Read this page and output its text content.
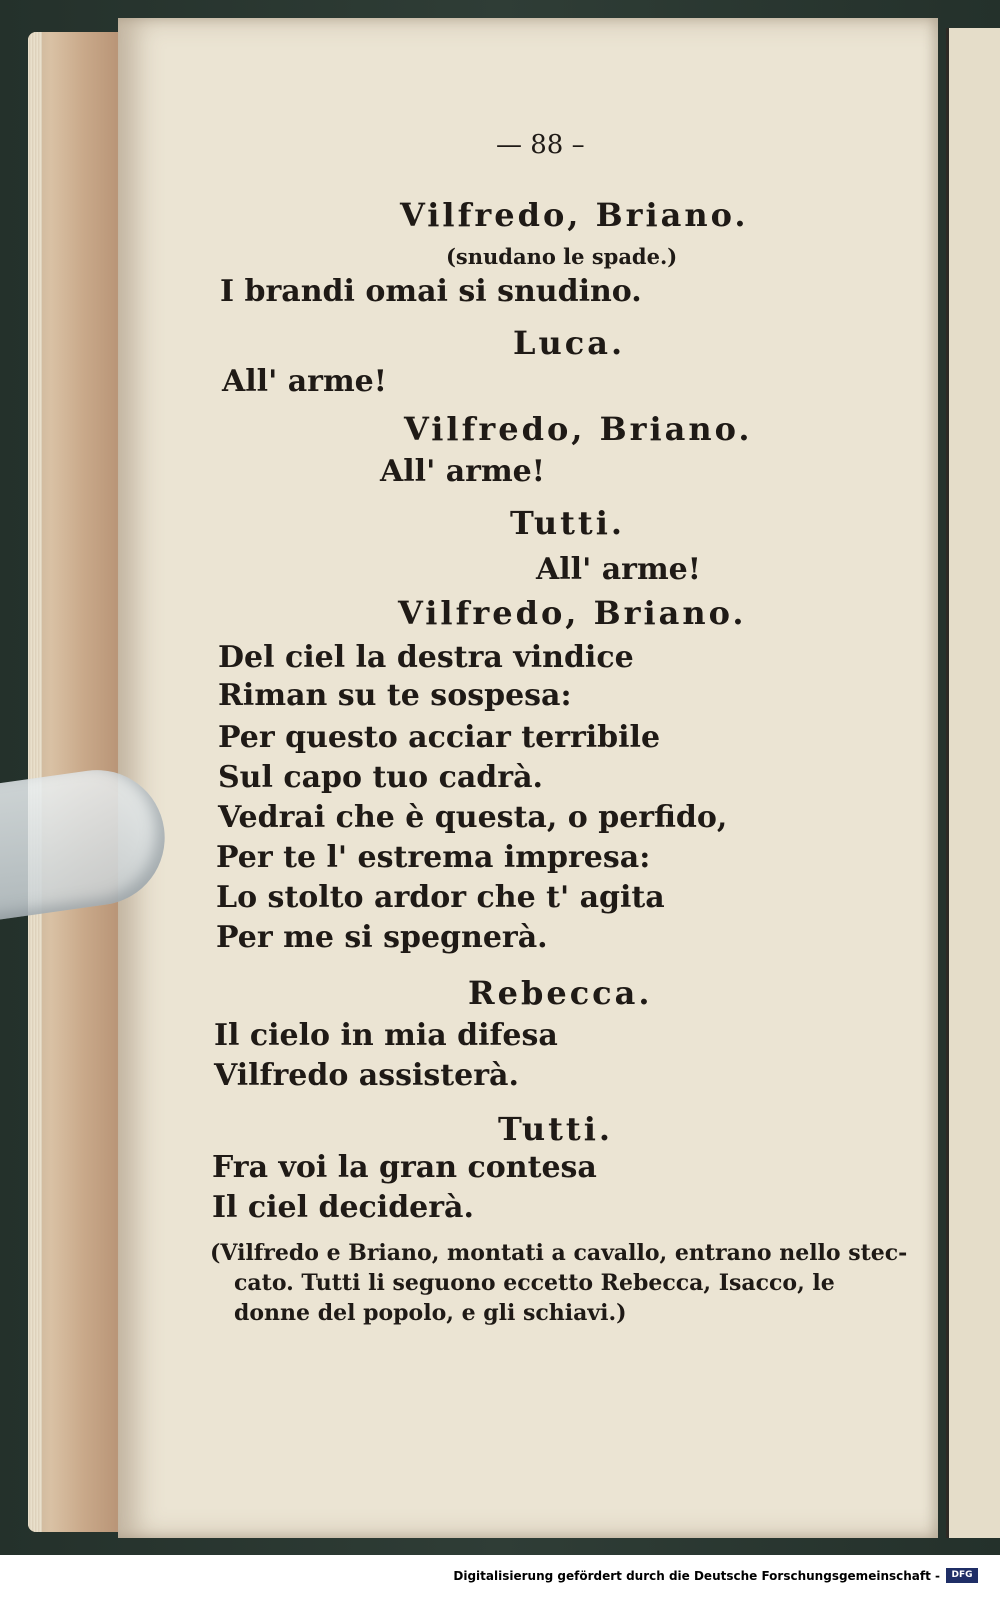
— 88 –
Vilfredo, Briano.
(snudano le spade.)
I brandi omai si snudino.
Luca.
All' arme!
Vilfredo, Briano.
All' arme!
Tutti.
All' arme!
Vilfredo, Briano.
Del ciel la destra vindice
Riman su te sospesa:
Per questo acciar terribile
Sul capo tuo cadrà.
Vedrai che è questa, o perfido,
Per te l' estrema impresa:
Lo stolto ardor che t' agita
Per me si spegnerà.
Rebecca.
Il cielo in mia difesa
Vilfredo assisterà.
Tutti.
Fra voi la gran contesa
Il ciel deciderà.
(Vilfredo e Briano, montati a cavallo, entrano nello stec-
cato. Tutti li seguono eccetto Rebecca, Isacco, le
donne del popolo, e gli schiavi.)
Digitalisierung gefördert durch die Deutsche Forschungsgemeinschaft -	DFG
